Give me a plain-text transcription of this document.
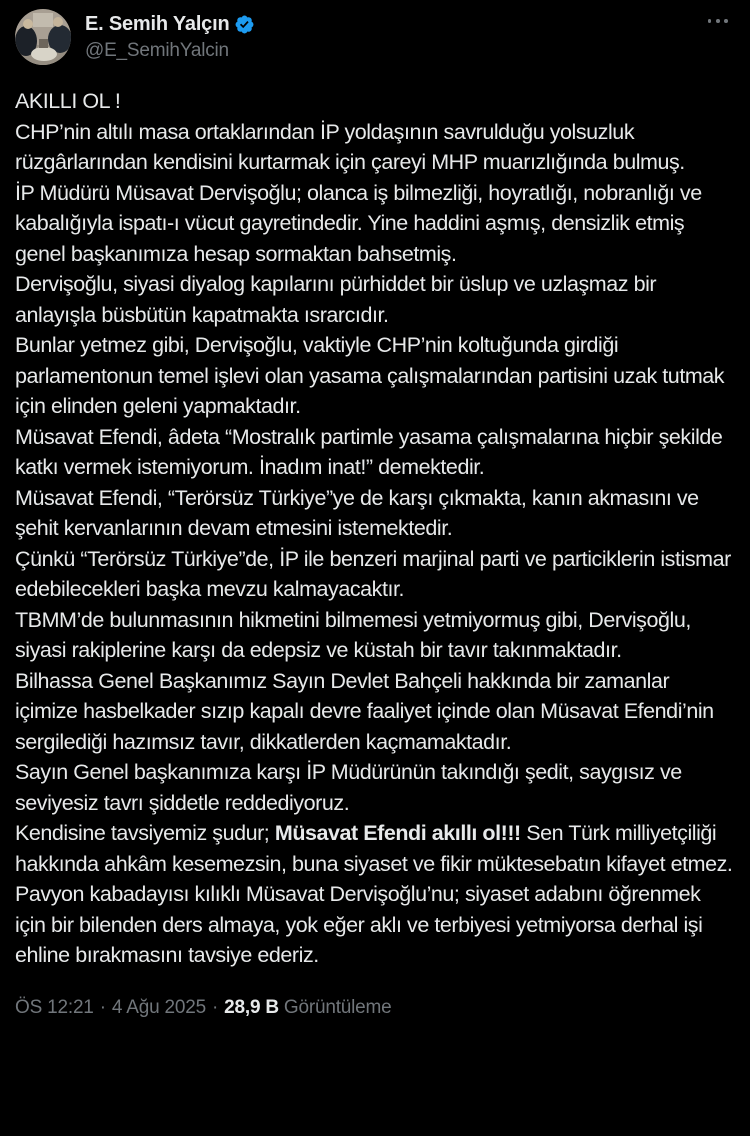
E. Semih Yalçın
@E_SemihYalcin
AKILLI OL !
CHP’nin altılı masa ortaklarından İP yoldaşının savrulduğu yolsuzluk rüzgârlarından kendisini kurtarmak için çareyi MHP muarızlığında bulmuş.
İP Müdürü Müsavat Dervişoğlu; olanca iş bilmezliği, hoyratlığı, nobranlığı ve kabalığıyla ispatı-ı vücut gayretindedir. Yine haddini aşmış, densizlik etmiş genel başkanımıza hesap sormaktan bahsetmiş.
Dervişoğlu, siyasi diyalog kapılarını pürhiddet bir üslup ve uzlaşmaz bir anlayışla büsbütün kapatmakta ısrarcıdır.
Bunlar yetmez gibi, Dervişoğlu, vaktiyle CHP’nin koltuğunda girdiği parlamentonun temel işlevi olan yasama çalışmalarından partisini uzak tutmak için elinden geleni yapmaktadır.
Müsavat Efendi, âdeta “Mostralık partimle yasama çalışmalarına hiçbir şekilde katkı vermek istemiyorum. İnadım inat!” demektedir.
Müsavat Efendi, “Terörsüz Türkiye”ye de karşı çıkmakta, kanın akmasını ve şehit kervanlarının devam etmesini istemektedir.
Çünkü “Terörsüz Türkiye”de, İP ile benzeri marjinal parti ve particiklerin istismar edebilecekleri başka mevzu kalmayacaktır.
TBMM’de bulunmasının hikmetini bilmemesi yetmiyormuş gibi, Dervişoğlu, siyasi rakiplerine karşı da edepsiz ve küstah bir tavır takınmaktadır.
Bilhassa Genel Başkanımız Sayın Devlet Bahçeli hakkında bir zamanlar içimize hasbelkader sızıp kapalı devre faaliyet içinde olan Müsavat Efendi’nin sergilediği hazımsız tavır, dikkatlerden kaçmamaktadır.
Sayın Genel başkanımıza karşı İP Müdürünün takındığı şedit, saygısız ve seviyesiz tavrı şiddetle reddediyoruz.
Kendisine tavsiyemiz şudur; Müsavat Efendi akıllı ol!!! Sen Türk milliyetçiliği hakkında ahkâm kesemezsin, buna siyaset ve fikir müktesebatın kifayet etmez.
Pavyon kabadayısı kılıklı Müsavat Dervişoğlu’nu; siyaset adabını öğrenmek için bir bilenden ders almaya, yok eğer aklı ve terbiyesi yetmiyorsa derhal işi ehline bırakmasını tavsiye ederiz.
ÖS 12:21 · 4 Ağu 2025 · 28,9 B Görüntüleme
